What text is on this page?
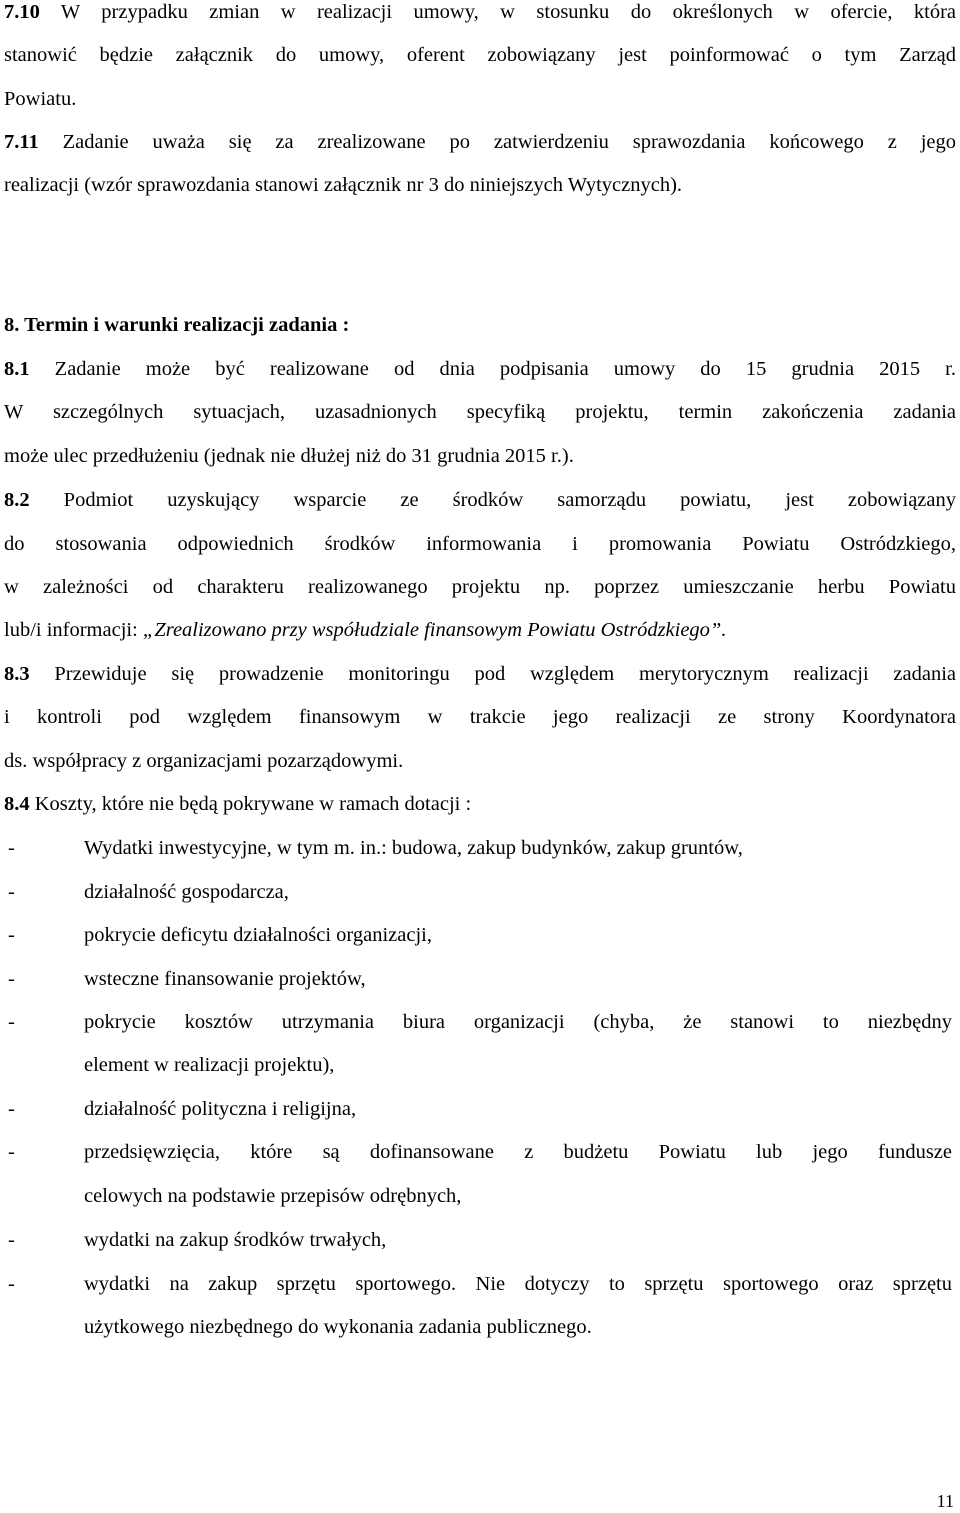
7.10 W przypadku zmian w realizacji umowy, w stosunku do określonych w ofercie, która
stanowić będzie załącznik do umowy, oferent zobowiązany jest poinformować o tym Zarząd
Powiatu.
7.11 Zadanie uważa się za zrealizowane po zatwierdzeniu sprawozdania końcowego z jego
realizacji (wzór sprawozdania stanowi załącznik nr 3 do niniejszych Wytycznych).
8. Termin i warunki realizacji zadania :
8.1 Zadanie może być realizowane od dnia podpisania umowy do 15 grudnia 2015 r.
W szczególnych sytuacjach, uzasadnionych specyfiką projektu, termin zakończenia zadania
może ulec przedłużeniu (jednak nie dłużej niż do 31 grudnia 2015 r.).
8.2 Podmiot uzyskujący wsparcie ze środków samorządu powiatu, jest zobowiązany
do stosowania odpowiednich środków informowania i promowania Powiatu Ostródzkiego,
w zależności od charakteru realizowanego projektu np. poprzez umieszczanie herbu Powiatu
lub/i informacji: „Zrealizowano przy współudziale finansowym Powiatu Ostródzkiego”.
8.3 Przewiduje się prowadzenie monitoringu pod względem merytorycznym realizacji zadania
i kontroli pod względem finansowym w trakcie jego realizacji ze strony Koordynatora
ds. współpracy z organizacjami pozarządowymi.
8.4 Koszty, które nie będą pokrywane w ramach dotacji :
-	Wydatki inwestycyjne, w tym m. in.: budowa, zakup budynków, zakup gruntów,
-	działalność gospodarcza,
-	pokrycie deficytu działalności organizacji,
-	wsteczne finansowanie projektów,
-	pokrycie kosztów utrzymania biura organizacji (chyba, że stanowi to niezbędny
element w realizacji projektu),
-	działalność polityczna i religijna,
-	przedsięwzięcia, które są dofinansowane z budżetu Powiatu lub jego fundusze
celowych na podstawie przepisów odrębnych,
-	wydatki na zakup środków trwałych,
-	wydatki na zakup sprzętu sportowego. Nie dotyczy to sprzętu sportowego oraz sprzętu
użytkowego niezbędnego do wykonania zadania publicznego.
11
